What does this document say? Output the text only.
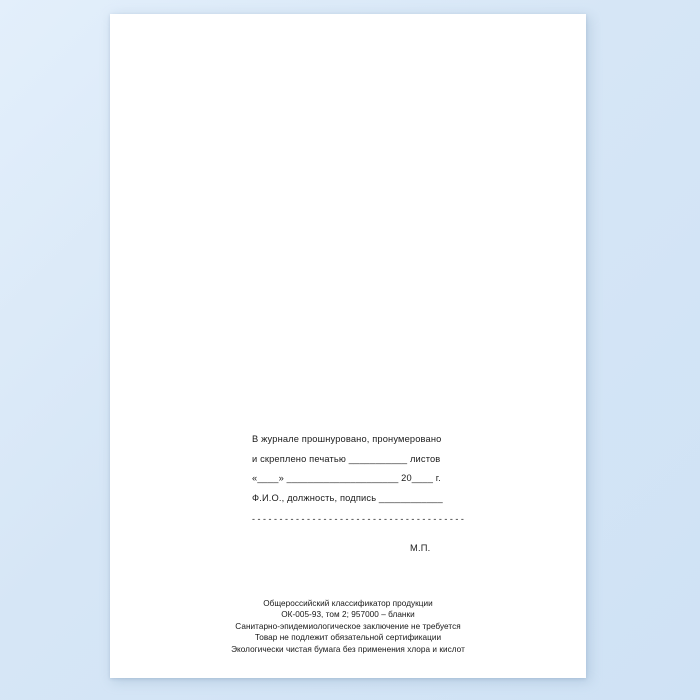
В журнале прошнуровано, пронумеровано
и скреплено печатью ___________ листов
«____» _____________________ 20____ г.
Ф.И.О., должность, подпись ____________
- - - - - - - - - - - - - - - - - - - - - - - - - - - - - - - - - - - - - - -
М.П.
Общероссийский классификатор продукции
ОК-005-93, том 2; 957000 – бланки
Санитарно-эпидемиологическое заключение не требуется
Товар не подлежит обязательной сертификации
Экологически чистая бумага без применения хлора и кислот
